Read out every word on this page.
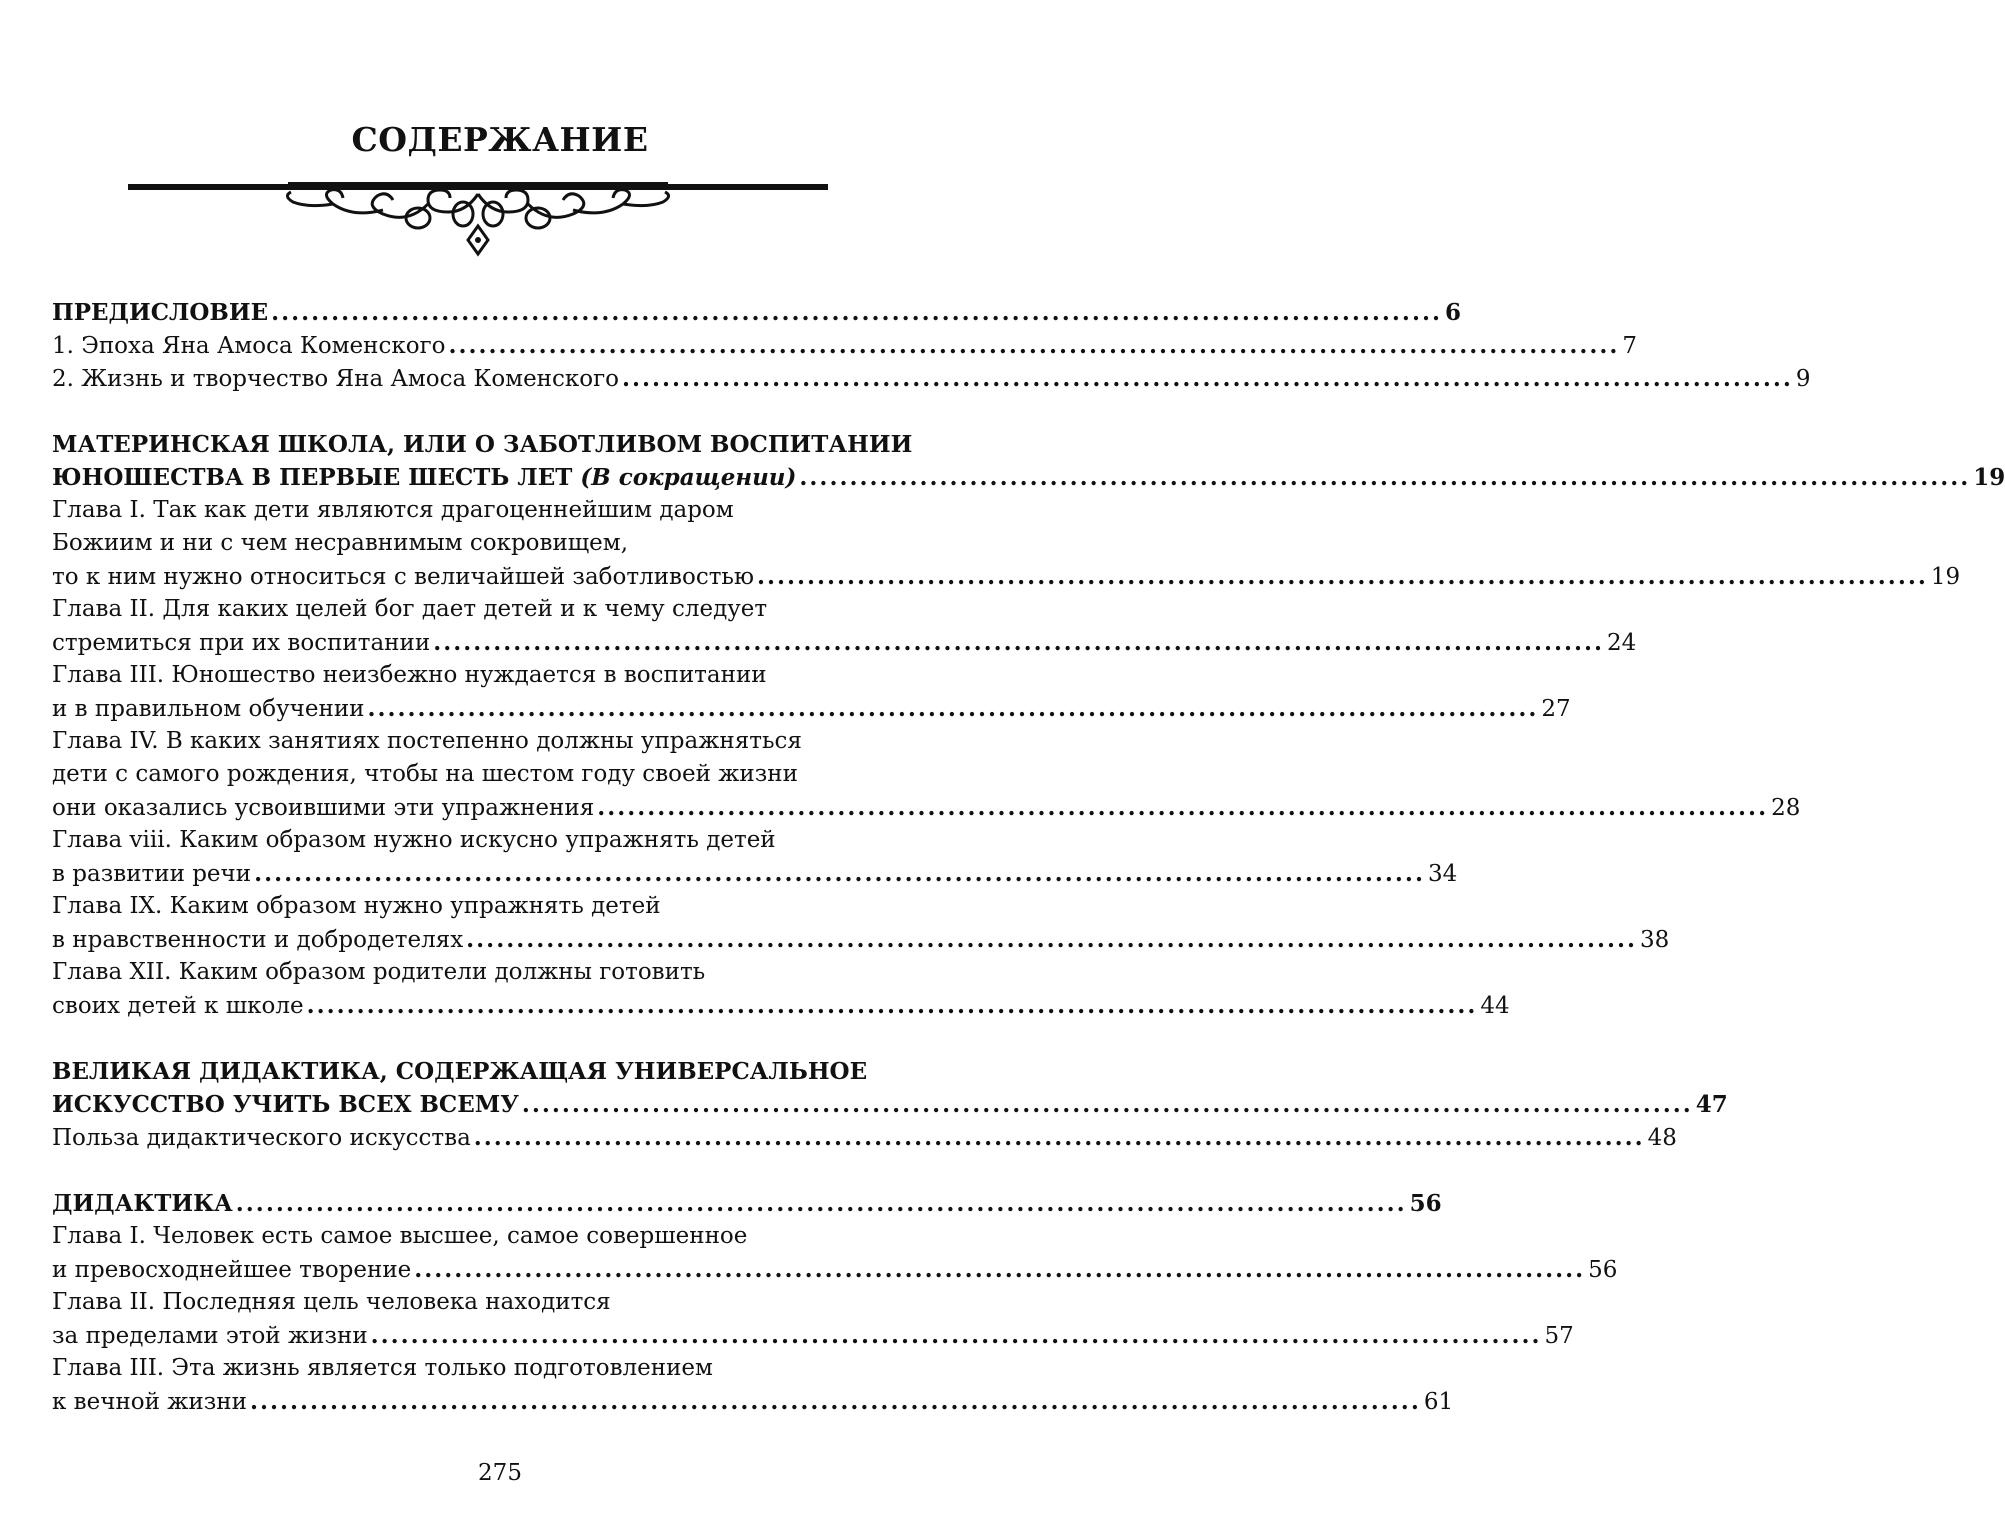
СОДЕРЖАНИЕ
ПРЕДИСЛОВИЕ ..................................................................................................................... 6
1. Эпоха Яна Амоса Коменского ..................................................................................................................... 7
2. Жизнь и творчество Яна Амоса Коменского ..................................................................................................................... 9
МАТЕРИНСКАЯ ШКОЛА, ИЛИ О ЗАБОТЛИВОМ ВОСПИТАНИИ
ЮНОШЕСТВА В ПЕРВЫЕ ШЕСТЬ ЛЕТ (В сокращении) ..................................................................................................................... 19
Глава I. Так как дети являются драгоценнейшим даром
Божиим и ни с чем несравнимым сокровищем,
то к ним нужно относиться с величайшей заботливостью ..................................................................................................................... 19
Глава II. Для каких целей бог дает детей и к чему следует
стремиться при их воспитании ..................................................................................................................... 24
Глава III. Юношество неизбежно нуждается в воспитании
и в правильном обучении ..................................................................................................................... 27
Глава IV. В каких занятиях постепенно должны упражняться
дети с самого рождения, чтобы на шестом году своей жизни
они оказались усвоившими эти упражнения ..................................................................................................................... 28
Глава viii. Каким образом нужно искусно упражнять детей
в развитии речи ..................................................................................................................... 34
Глава IX. Каким образом нужно упражнять детей
в нравственности и добродетелях ..................................................................................................................... 38
Глава XII. Каким образом родители должны готовить
своих детей к школе ..................................................................................................................... 44
ВЕЛИКАЯ ДИДАКТИКА, СОДЕРЖАЩАЯ УНИВЕРСАЛЬНОЕ
ИСКУССТВО УЧИТЬ ВСЕХ ВСЕМУ ..................................................................................................................... 47
Польза дидактического искусства ..................................................................................................................... 48
ДИДАКТИКА ..................................................................................................................... 56
Глава I. Человек есть самое высшее, самое совершенное
и превосходнейшее творение ..................................................................................................................... 56
Глава II. Последняя цель человека находится
за пределами этой жизни ..................................................................................................................... 57
Глава III. Эта жизнь является только подготовлением
к вечной жизни ..................................................................................................................... 61
275
